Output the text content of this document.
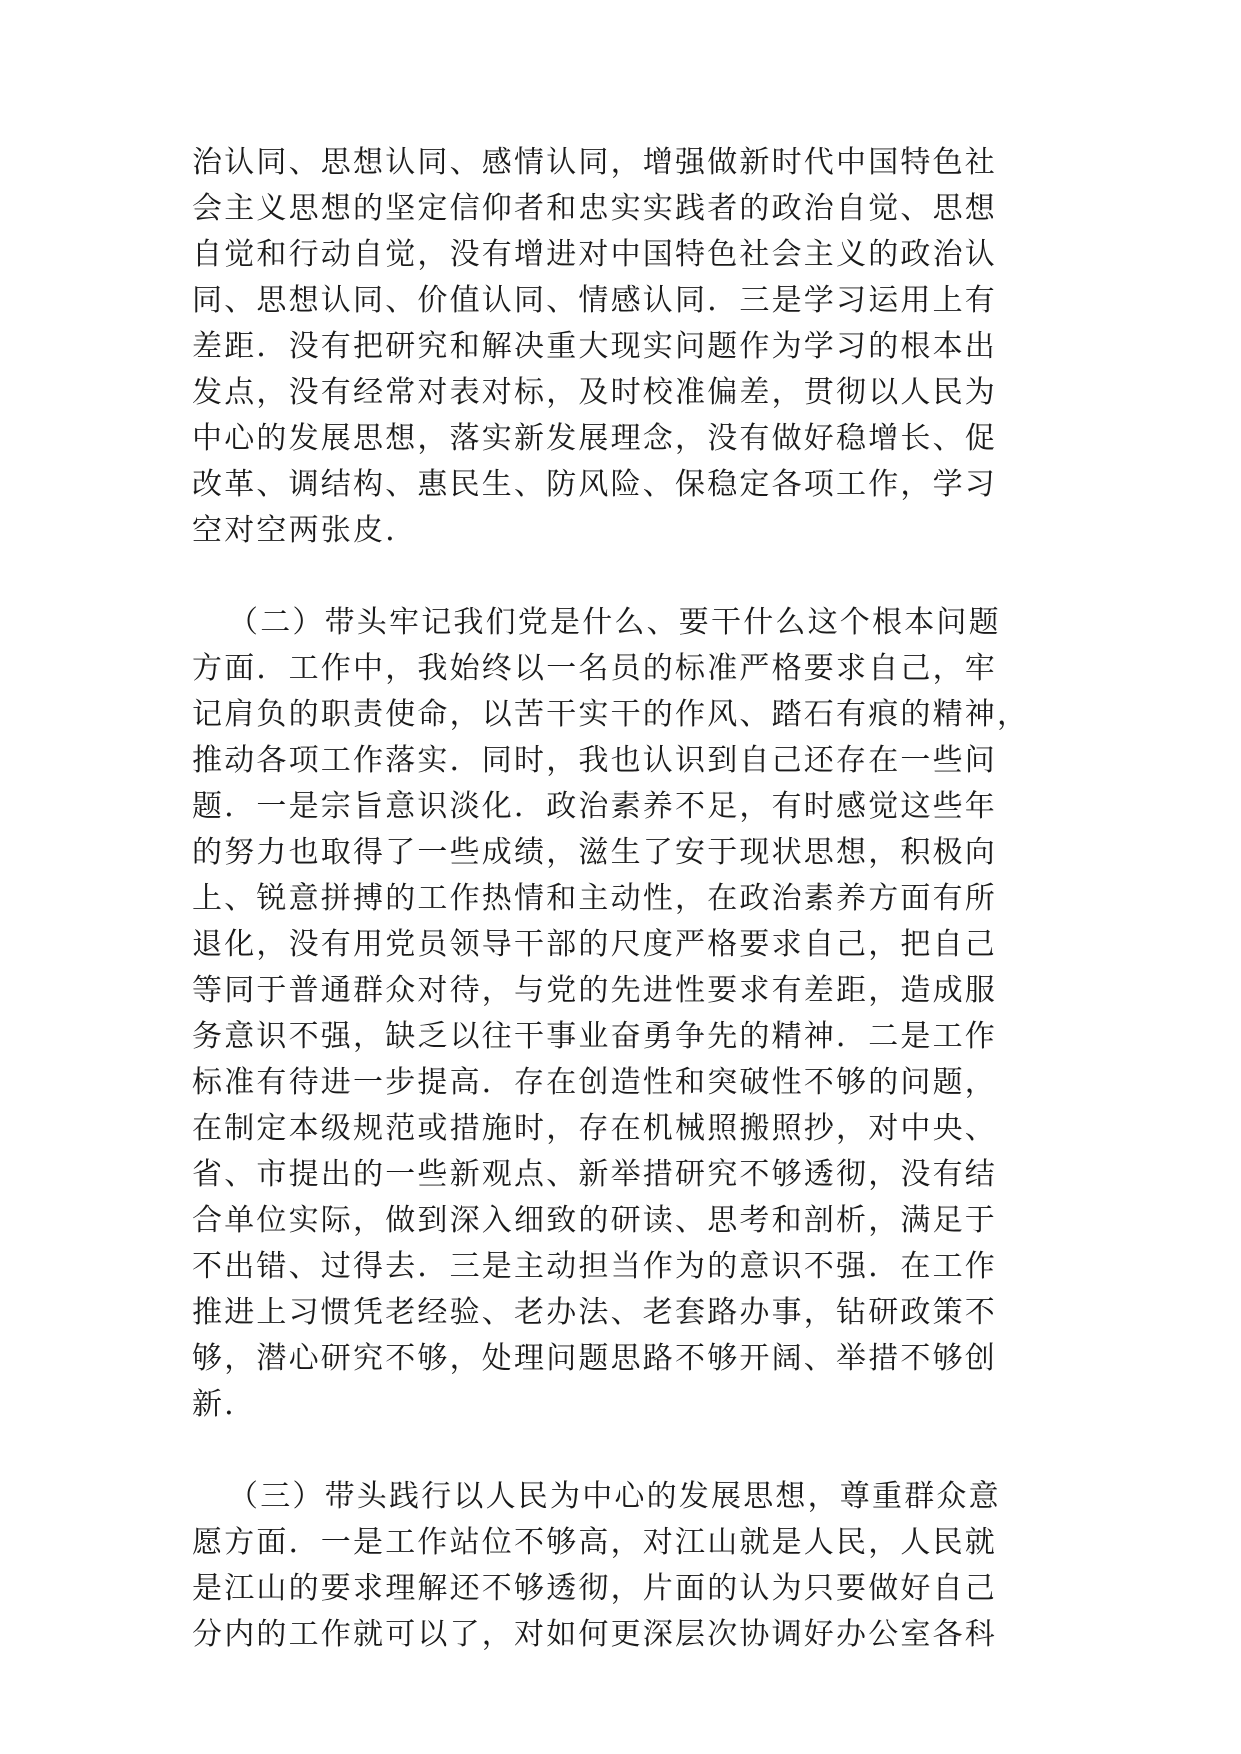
治认同、思想认同、感情认同，增强做新时代中国特色社
会主义思想的坚定信仰者和忠实实践者的政治自觉、思想
自觉和行动自觉，没有增进对中国特色社会主义的政治认
同、思想认同、价值认同、情感认同．三是学习运用上有
差距．没有把研究和解决重大现实问题作为学习的根本出
发点，没有经常对表对标，及时校准偏差，贯彻以人民为
中心的发展思想，落实新发展理念，没有做好稳增长、促
改革、调结构、惠民生、防风险、保稳定各项工作，学习
空对空两张皮．
（二）带头牢记我们党是什么、要干什么这个根本问题
方面．工作中，我始终以一名员的标准严格要求自己，牢
记肩负的职责使命，以苦干实干的作风、踏石有痕的精神，
推动各项工作落实．同时，我也认识到自己还存在一些问
题．一是宗旨意识淡化．政治素养不足，有时感觉这些年
的努力也取得了一些成绩，滋生了安于现状思想，积极向
上、锐意拼搏的工作热情和主动性，在政治素养方面有所
退化，没有用党员领导干部的尺度严格要求自己，把自己
等同于普通群众对待，与党的先进性要求有差距，造成服
务意识不强，缺乏以往干事业奋勇争先的精神．二是工作
标准有待进一步提高．存在创造性和突破性不够的问题，
在制定本级规范或措施时，存在机械照搬照抄，对中央、
省、市提出的一些新观点、新举措研究不够透彻，没有结
合单位实际，做到深入细致的研读、思考和剖析，满足于
不出错、过得去．三是主动担当作为的意识不强．在工作
推进上习惯凭老经验、老办法、老套路办事，钻研政策不
够，潜心研究不够，处理问题思路不够开阔、举措不够创
新．
（三）带头践行以人民为中心的发展思想，尊重群众意
愿方面．一是工作站位不够高，对江山就是人民，人民就
是江山的要求理解还不够透彻，片面的认为只要做好自己
分内的工作就可以了，对如何更深层次协调好办公室各科
